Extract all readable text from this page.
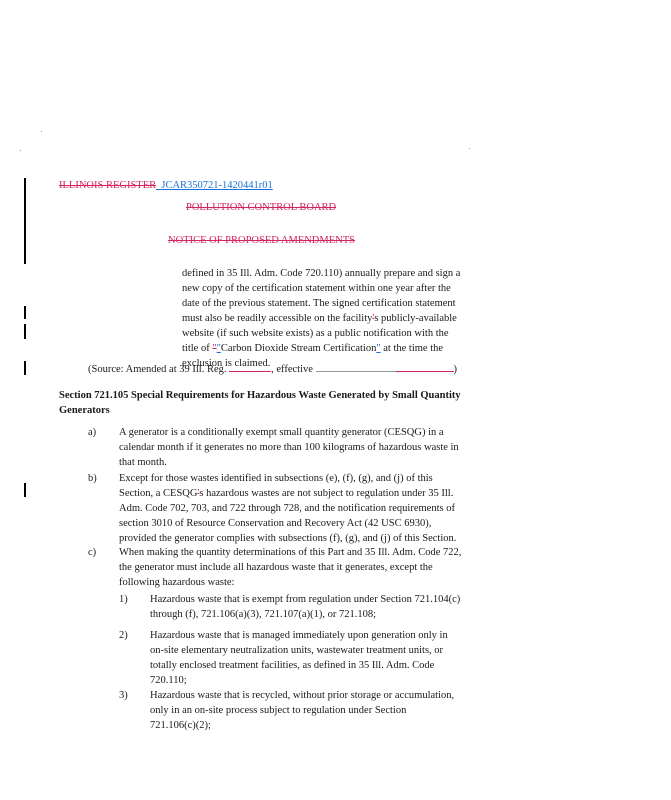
ILLINOIS REGISTER JCAR350721-1420441r01
POLLUTION CONTROL BOARD
NOTICE OF PROPOSED AMENDMENTS
defined in 35 Ill. Adm. Code 720.110) annually prepare and sign a
new copy of the certification statement within one year after the
date of the previous statement. The signed certification statement
must also be readily accessible on the facility's publicly-available
website (if such website exists) as a public notification with the
title of ""Carbon Dioxide Stream Certification" at the time the
exclusion is claimed.
(Source: Amended at 39 Ill. Reg.	, effective	)
Section 721.105 Special Requirements for Hazardous Waste Generated by Small Quantity
Generators
a) A generator is a conditionally exempt small quantity generator (CESQG) in a
calendar month if it generates no more than 100 kilograms of hazardous waste in
that month.
b) Except for those wastes identified in subsections (e), (f), (g), and (j) of this
Section, a CESQG's hazardous wastes are not subject to regulation under 35 Ill.
Adm. Code 702, 703, and 722 through 728, and the notification requirements of
section 3010 of Resource Conservation and Recovery Act (42 USC 6930),
provided the generator complies with subsections (f), (g), and (j) of this Section.
c) When making the quantity determinations of this Part and 35 Ill. Adm. Code 722,
the generator must include all hazardous waste that it generates, except the
following hazardous waste:
1) Hazardous waste that is exempt from regulation under Section 721.104(c)
through (f), 721.106(a)(3), 721.107(a)(1), or 721.108;
2) Hazardous waste that is managed immediately upon generation only in
on-site elementary neutralization units, wastewater treatment units, or
totally enclosed treatment facilities, as defined in 35 Ill. Adm. Code
720.110;
3) Hazardous waste that is recycled, without prior storage or accumulation,
only in an on-site process subject to regulation under Section
721.106(c)(2);
